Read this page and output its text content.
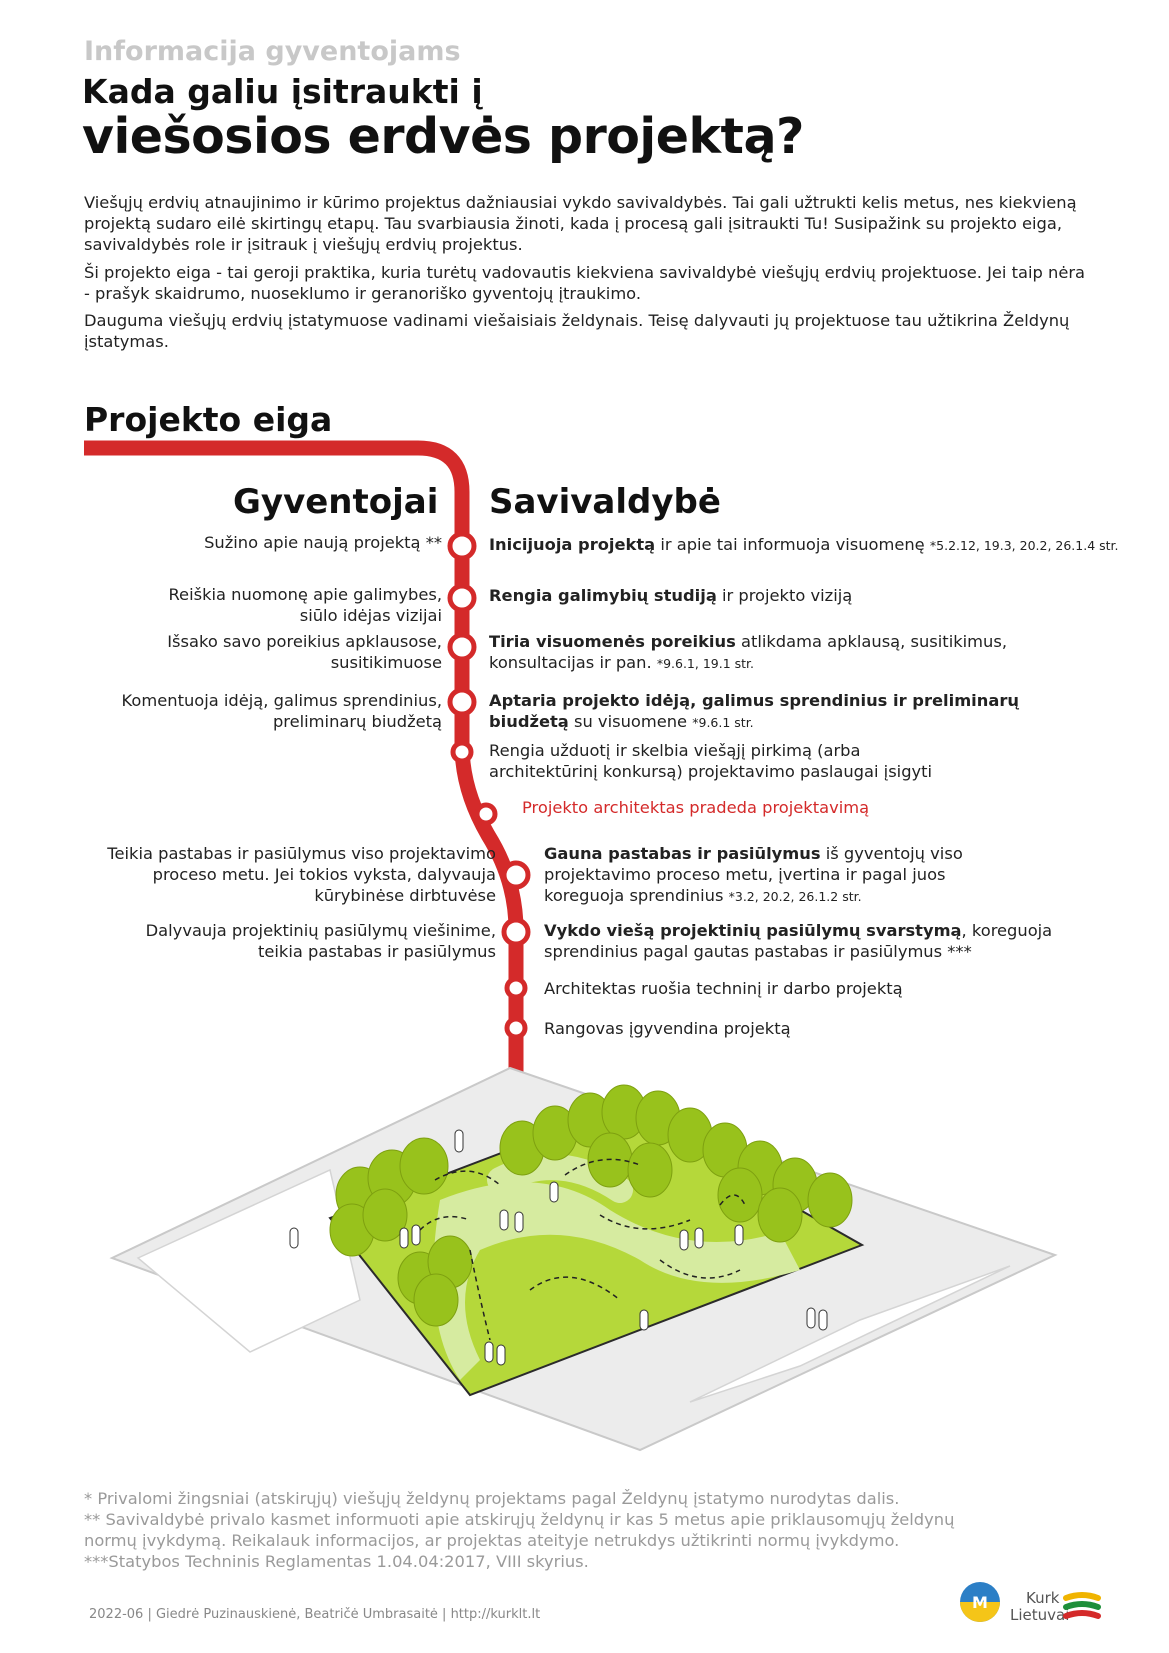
Informacija gyventojams
Kada galiu įsitraukti į
viešosios erdvės projektą?
Viešųjų erdvių atnaujinimo ir kūrimo projektus dažniausiai vykdo savivaldybės. Tai gali užtrukti kelis metus, nes kiekvieną projektą sudaro eilė skirtingų etapų. Tau svarbiausia žinoti, kada į procesą gali įsitraukti Tu! Susipažink su projekto eiga, savivaldybės role ir įsitrauk į viešųjų erdvių projektus.
Ši projekto eiga - tai geroji praktika, kuria turėtų vadovautis kiekviena savivaldybė viešųjų erdvių projektuose. Jei taip nėra - prašyk skaidrumo, nuoseklumo ir geranoriško gyventojų įtraukimo.
Dauguma viešųjų erdvių įstatymuose vadinami viešaisiais želdynais. Teisę dalyvauti jų projektuose tau užtikrina Želdynų įstatymas.
Projekto eiga
Gyventojai Savivaldybė
Sužino apie naują projektą **	Inicijuoja projektą ir apie tai informuoja visuomenę *5.2.12, 19.3, 20.2, 26.1.4 str.
Reiškia nuomonę apie galimybes,
siūlo idėjas vizijai
Rengia galimybių studiją ir projekto viziją
Išsako savo poreikius apklausose,
susitikimuose
Tiria visuomenės poreikius atlikdama apklausą, susitikimus,
konsultacijas ir pan. *9.6.1, 19.1 str.
Komentuoja idėją, galimus sprendinius,
preliminarų biudžetą
Aptaria projekto idėją, galimus sprendinius ir preliminarų
biudžetą su visuomene *9.6.1 str.
Rengia užduotį ir skelbia viešąjį pirkimą (arba
architektūrinį konkursą) projektavimo paslaugai įsigyti
Projekto architektas pradeda projektavimą
Teikia pastabas ir pasiūlymus viso projektavimo
proceso metu. Jei tokios vyksta, dalyvauja
kūrybinėse dirbtuvėse
Gauna pastabas ir pasiūlymus iš gyventojų viso
projektavimo proceso metu, įvertina ir pagal juos
koreguoja sprendinius *3.2, 20.2, 26.1.2 str.
Dalyvauja projektinių pasiūlymų viešinime,
teikia pastabas ir pasiūlymus
Vykdo viešą projektinių pasiūlymų svarstymą, koreguoja
sprendinius pagal gautas pastabas ir pasiūlymus ***
Architektas ruošia techninį ir darbo projektą
Rangovas įgyvendina projektą
* Privalomi žingsniai (atskirųjų) viešųjų želdynų projektams pagal Želdynų įstatymo nurodytas dalis.
** Savivaldybė privalo kasmet informuoti apie atskirųjų želdynų ir kas 5 metus apie priklausomųjų želdynų
normų įvykdymą. Reikalauk informacijos, ar projektas ateityje netrukdys užtikrinti normų įvykdymo.
***Statybos Techninis Reglamentas 1.04.04:2017, VIII skyrius.
2022-06 | Giedrė Puzinauskienė, Beatričė Umbrasaitė | http://kurklt.lt
M	Kurk
Lietuvai
